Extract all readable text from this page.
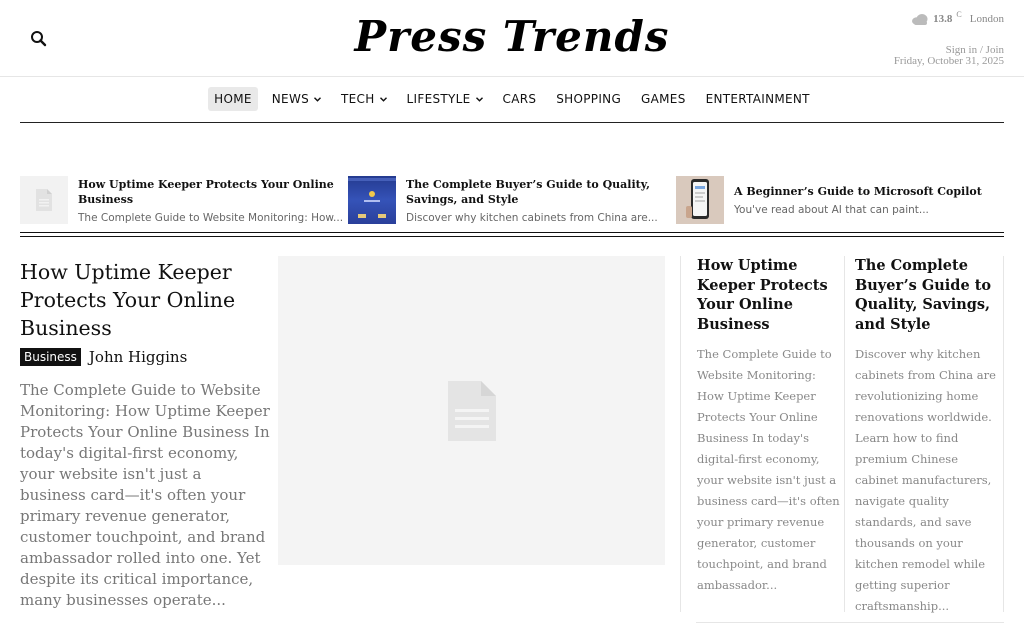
Press Trends	13.8 C London
Sign in / Join
Friday, October 31, 2025
HOME NEWS	TECH	LIFESTYLE	CARS SHOPPING GAMES ENTERTAINMENT
How Uptime Keeper Protects Your Online Business
The Complete Guide to Website Monitoring: How...
The Complete Buyer’s Guide to Quality, Savings, and Style
Discover why kitchen cabinets from China are...
A Beginner’s Guide to Microsoft Copilot
You've read about AI that can paint...
How Uptime Keeper Protects Your Online Business
Business John Higgins
The Complete Guide to Website Monitoring: How Uptime Keeper Protects Your Online Business In today's digital-first economy, your website isn't just a business card—it's often your primary revenue generator, customer touchpoint, and brand ambassador rolled into one. Yet despite its critical importance, many businesses operate...
How Uptime Keeper Protects Your Online Business
The Complete Guide to Website Monitoring: How Uptime Keeper Protects Your Online Business In today's digital-first economy, your website isn't just a business card—it's often your primary revenue generator, customer touchpoint, and brand ambassador...
The Complete Buyer’s Guide to Quality, Savings, and Style
Discover why kitchen cabinets from China are revolutionizing home renovations worldwide. Learn how to find premium Chinese cabinet manufacturers, navigate quality standards, and save thousands on your kitchen remodel while getting superior craftsmanship...
